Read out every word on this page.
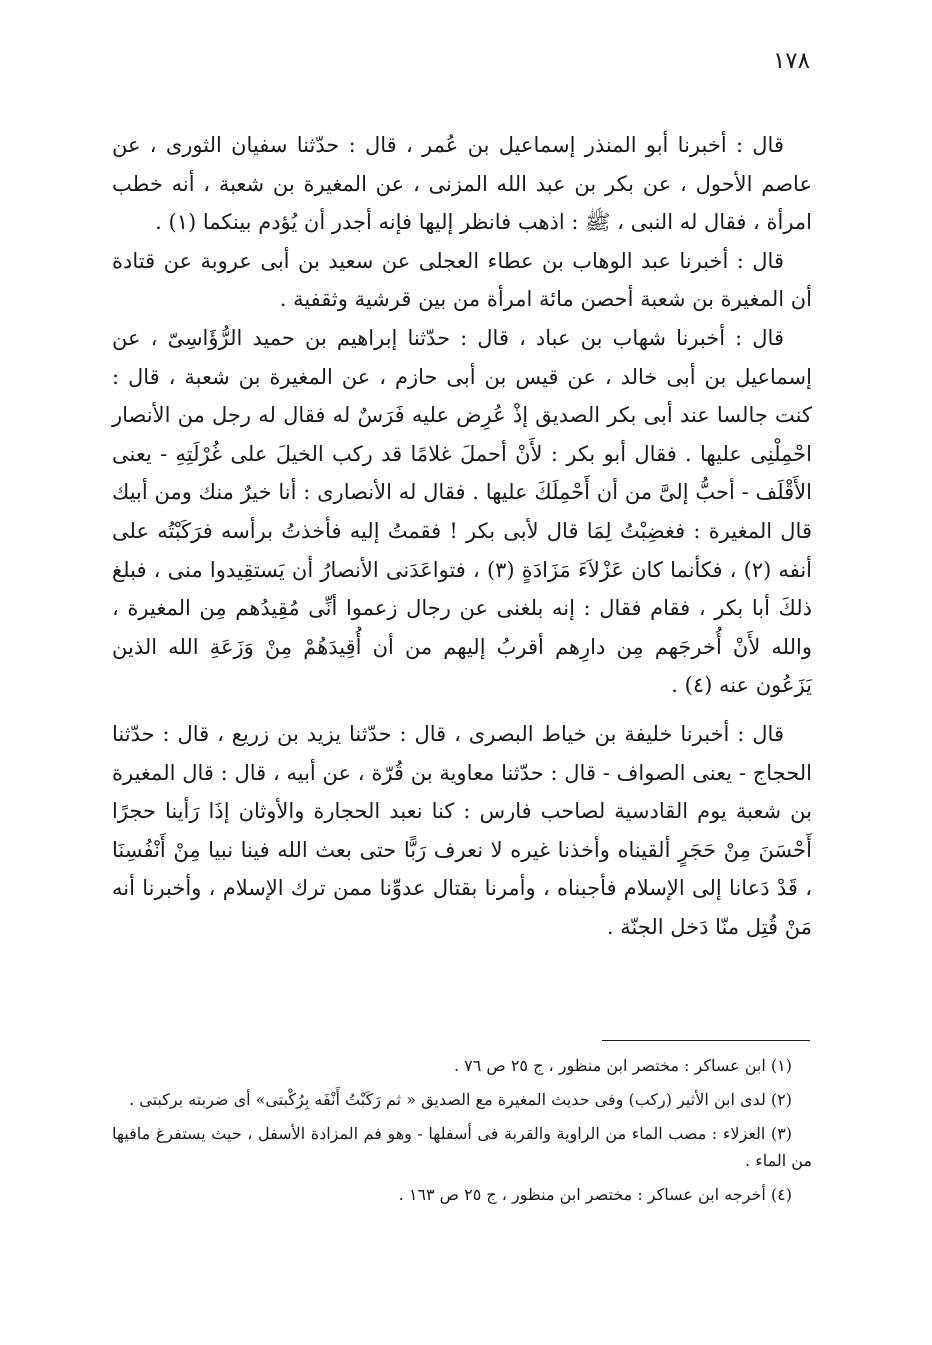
١٧٨

قال : أخبرنا أبو المنذر إسماعيل بن عُمر ، قال : حدّثنا سفيان الثورى ، عن عاصم الأحول ، عن بكر بن عبد الله المزنى ، عن المغيرة بن شعبة ، أنه خطب امرأة ، فقال له النبى ، ﷺ : اذهب فانظر إليها فإنه أجدر أن يُؤدم بينكما (١) .

قال : أخبرنا عبد الوهاب بن عطاء العجلى عن سعيد بن أبى عروبة عن قتادة أن المغيرة بن شعبة أحصن مائة امرأة من بين قرشية وثقفية .

قال : أخبرنا شهاب بن عباد ، قال : حدّثنا إبراهيم بن حميد الرُّؤَاسِىّ ، عن إسماعيل بن أبى خالد ، عن قيس بن أبى حازم ، عن المغيرة بن شعبة ، قال : كنت جالسا عند أبى بكر الصديق إذْ عُرِض عليه فَرَسٌ له فقال له رجل من الأنصار احْمِلْنِى عليها . فقال أبو بكر : لأَنْ أحملَ غلامًا قد ركب الخيلَ على غُرْلَتِهِ - يعنى الأَقْلَف - أحبُّ إلىَّ من أن أَحْمِلَكَ عليها . فقال له الأنصارى : أنا خيرٌ منك ومن أبيك قال المغيرة : فغضِبْتُ لِمَا قال لأبى بكر ! فقمتُ إليه فأخذتُ برأسه فرَكَبْتُه على أنفه (٢) ، فكأنما كان عَزْلاَءَ مَزَادَةٍ (٣) ، فتواعَدَنى الأنصارُ أن يَستقِيدوا منى ، فبلغ ذلكَ أبا بكر ، فقام فقال : إنه بلغنى عن رجال زعموا أنِّى مُقِيدُهم مِن المغيرة ، والله لأَنْ أُخرجَهم مِن دارِهم أقربُ إليهم من أن أُقِيدَهُمْ مِنْ وَزَعَةِ الله الذين يَزَعُون عنه (٤) .

قال : أخبرنا خليفة بن خياط البصرى ، قال : حدّثنا يزيد بن زريع ، قال : حدّثنا الحجاج - يعنى الصواف - قال : حدّثنا معاوية بن قُرّة ، عن أبيه ، قال : قال المغيرة بن شعبة يوم القادسية لصاحب فارس : كنا نعبد الحجارة والأوثان إذَا رَأينا حجرًا أَحْسَنَ مِنْ حَجَرٍ ألقيناه وأخذنا غيره لا نعرف رَبًّا حتى بعث الله فينا نبيا مِنْ أَنْفُسِنَا ، قَدْ دَعانا إلى الإسلام فأجبناه ، وأمرنا بقتال عدوِّنا ممن ترك الإسلام ، وأخبرنا أنه مَنْ قُتِل منّا دَخل الجنّة .

(١) ابن عساكر : مختصر ابن منظور ، ج ٢٥ ص ٧٦ .

(٢) لدى ابن الأثير (ركب) وفى حديث المغيرة مع الصديق « ثم رَكَبْتُ أَنْفَه بِرُكْبتى» أى ضربته بركبتى .

(٣) العزلاء : مصب الماء من الراوية والقربة فى أسفلها - وهو فم المزادة الأسفل ، حيث يستفرغ مافيها من الماء .

(٤) أخرجه ابن عساكر : مختصر ابن منظور ، ج ٢٥ ص ١٦٣ .
